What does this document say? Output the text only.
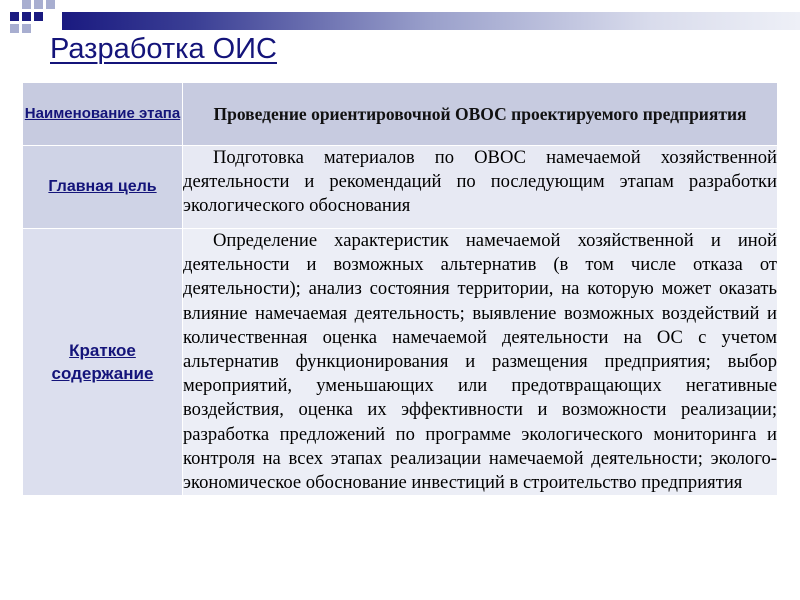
Разработка ОИС
Наименование этапа	Проведение ориентировочной ОВОС проектируемого предприятия
Главная цель	Подготовка материалов по ОВОС намечаемой хозяйственной деятельности и рекомендаций по последующим этапам разработки экологического обоснования

Краткое содержание	Определение характеристик намечаемой хозяйственной и иной деятельности и возможных альтернатив (в том числе отказа от деятельности); анализ состояния территории, на которую может оказать влияние намечаемая деятельность; выявление возможных воздействий и количественная оценка намечаемой деятельности на ОС с учетом альтернатив функционирования и размещения предприятия; выбор мероприятий, уменьшающих или предотвращающих негативные воздействия, оценка их эффективности и возможности реализации; разработка предложений по программе экологического мониторинга и контроля на всех этапах реализации намечаемой деятельности; эколого-экономическое обоснование инвестиций в строительство предприятия
